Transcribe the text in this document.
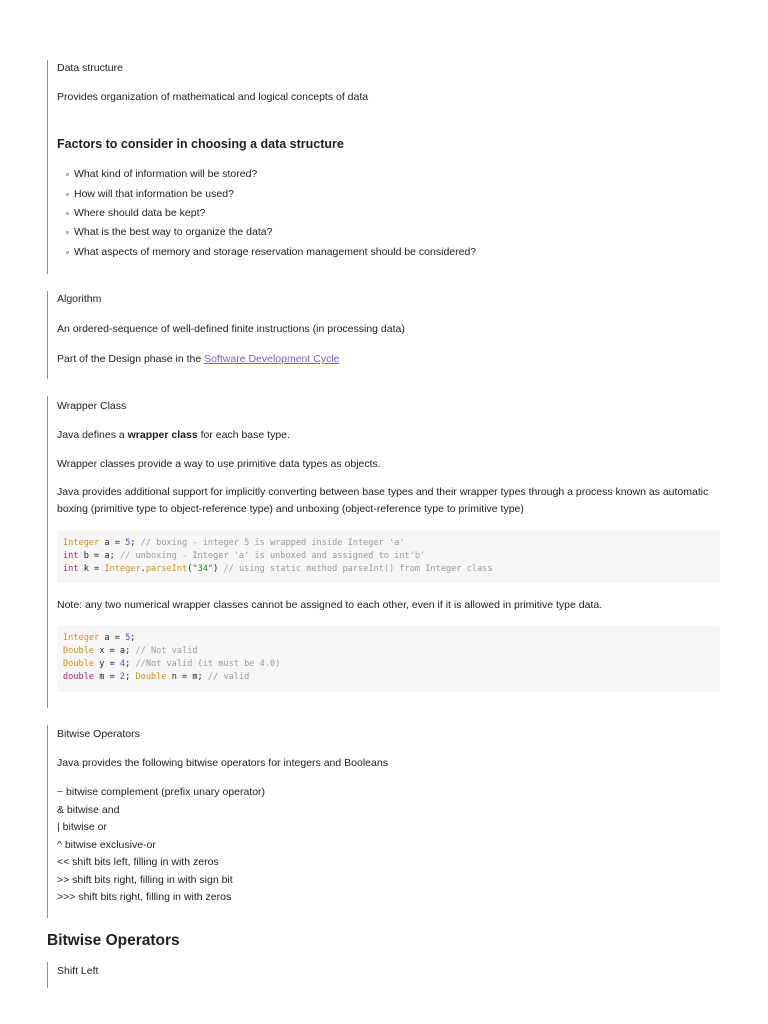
Data structure
Provides organization of mathematical and logical concepts of data
Factors to consider in choosing a data structure
What kind of information will be stored?
How will that information be used?
Where should data be kept?
What is the best way to organize the data?
What aspects of memory and storage reservation management should be considered?
Algorithm
An ordered-sequence of well-defined finite instructions (in processing data)
Part of the Design phase in the Software Development Cycle
Wrapper Class
Java defines a wrapper class for each base type.
Wrapper classes provide a way to use primitive data types as objects.
Java provides additional support for implicitly converting between base types and their wrapper types through a process known as automatic boxing (primitive type to object-reference type) and unboxing (object-reference type to primitive type)
Integer a = 5; // boxing - integer 5 is wrapped inside Integer 'a'
int b = a; // unboxing - Integer 'a' is unboxed and assigned to int'b'
int k = Integer.parseInt("34") // using static method parseInt() from Integer class
Note: any two numerical wrapper classes cannot be assigned to each other, even if it is allowed in primitive type data.
Integer a = 5;
Double x = a; // Not valid
Double y = 4; //Not valid (it must be 4.0)
double m = 2; Double n = m; // valid
Bitwise Operators
Java provides the following bitwise operators for integers and Booleans
~ bitwise complement (prefix unary operator)
& bitwise and
| bitwise or
^ bitwise exclusive-or
<< shift bits left, filling in with zeros
>> shift bits right, filling in with sign bit
>>> shift bits right, filling in with zeros
Bitwise Operators
Shift Left
